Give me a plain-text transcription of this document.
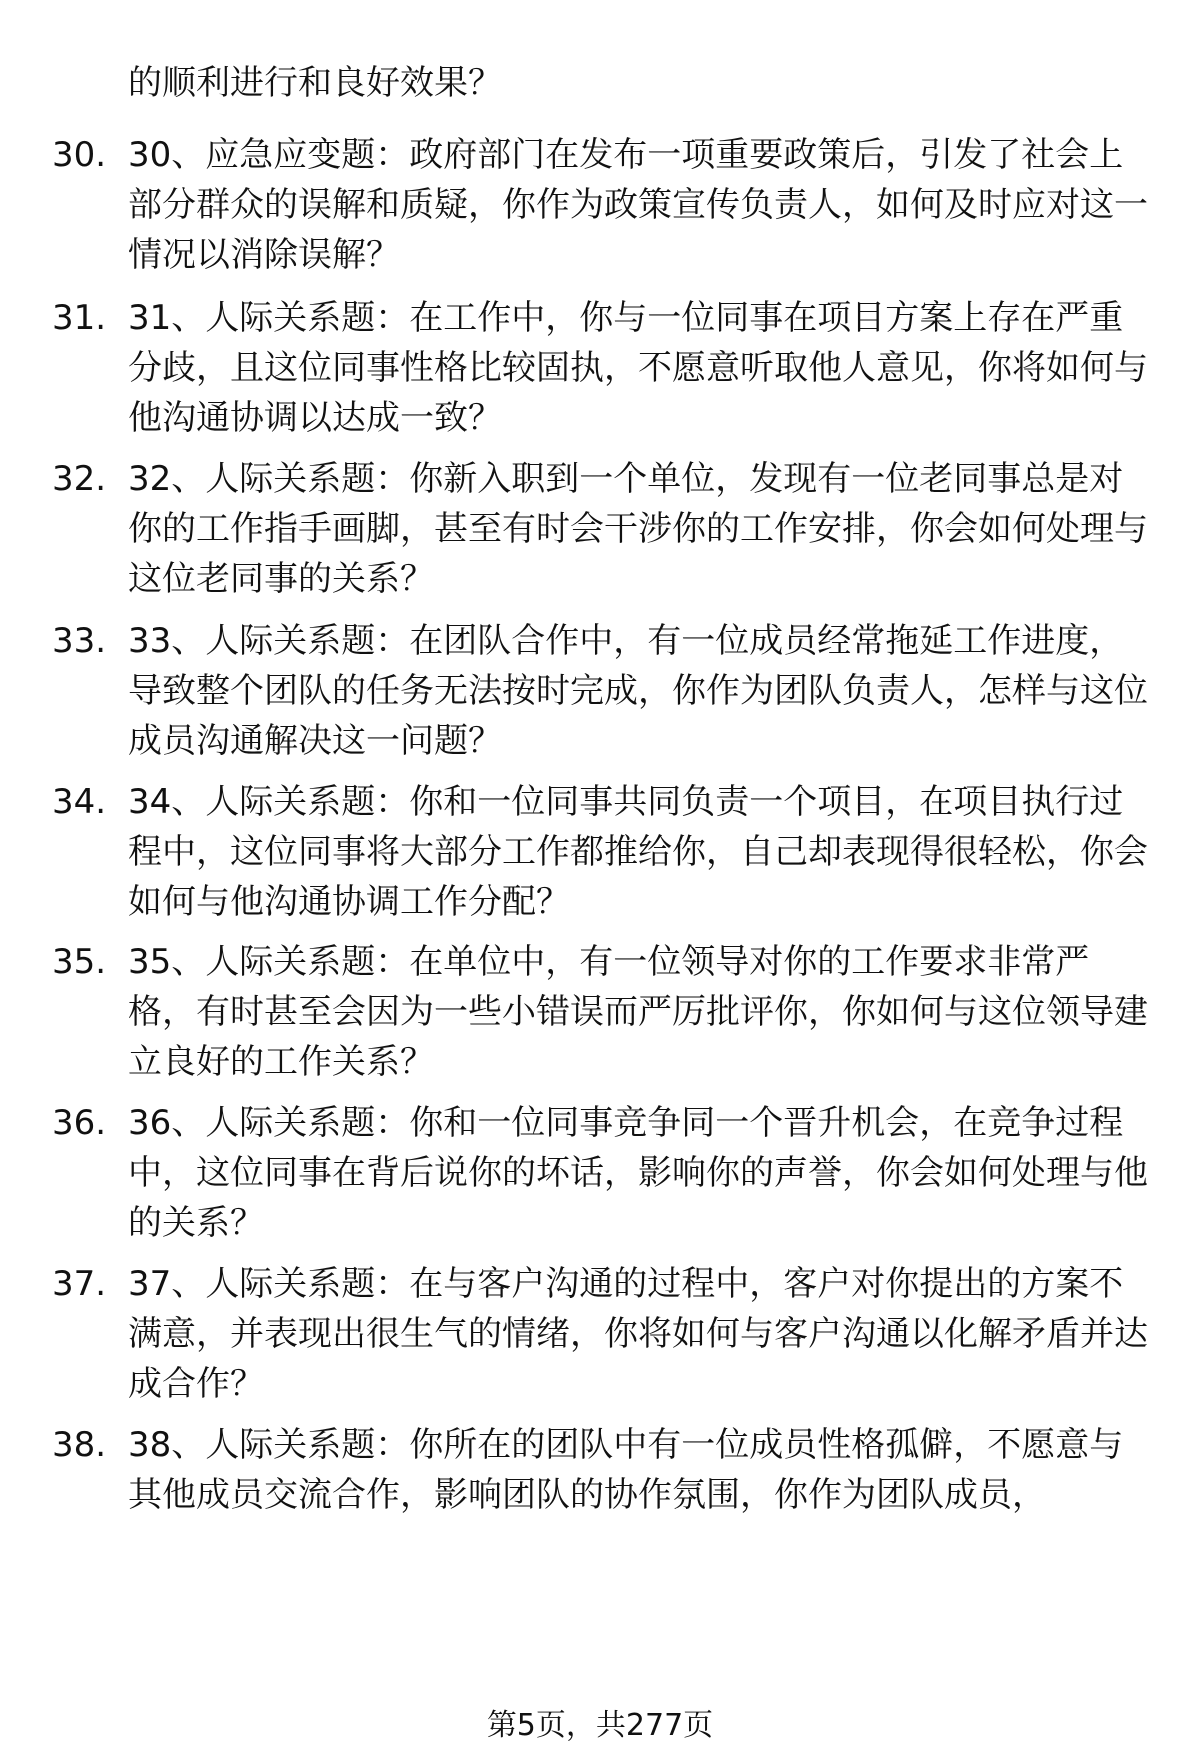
的顺利进行和良好效果？
30. 30、应急应变题：政府部门在发布一项重要政策后，引发了社会上部分群众的误解和质疑，你作为政策宣传负责人，如何及时应对这一情况以消除误解？
31. 31、人际关系题：在工作中，你与一位同事在项目方案上存在严重分歧，且这位同事性格比较固执，不愿意听取他人意见，你将如何与他沟通协调以达成一致？
32. 32、人际关系题：你新入职到一个单位，发现有一位老同事总是对你的工作指手画脚，甚至有时会干涉你的工作安排，你会如何处理与这位老同事的关系？
33. 33、人际关系题：在团队合作中，有一位成员经常拖延工作进度，导致整个团队的任务无法按时完成，你作为团队负责人，怎样与这位成员沟通解决这一问题？
34. 34、人际关系题：你和一位同事共同负责一个项目，在项目执行过程中，这位同事将大部分工作都推给你，自己却表现得很轻松，你会如何与他沟通协调工作分配？
35. 35、人际关系题：在单位中，有一位领导对你的工作要求非常严格，有时甚至会因为一些小错误而严厉批评你，你如何与这位领导建立良好的工作关系？
36. 36、人际关系题：你和一位同事竞争同一个晋升机会，在竞争过程中，这位同事在背后说你的坏话，影响你的声誉，你会如何处理与他的关系？
37. 37、人际关系题：在与客户沟通的过程中，客户对你提出的方案不满意，并表现出很生气的情绪，你将如何与客户沟通以化解矛盾并达成合作？
38. 38、人际关系题：你所在的团队中有一位成员性格孤僻，不愿意与其他成员交流合作，影响团队的协作氛围，你作为团队成员，
第5页，共277页
